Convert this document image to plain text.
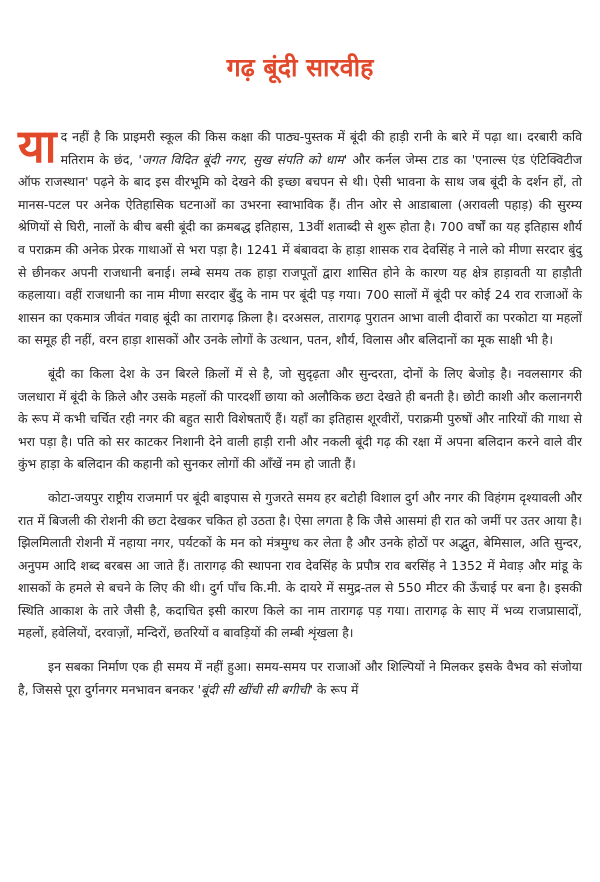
गढ़ बूंदी सारवीह

याद नहीं है कि प्राइमरी स्कूल की किस कक्षा की पाठ्य-पुस्तक में बूंदी की हाड़ी रानी के बारे में पढ़ा था। दरबारी कवि मतिराम के छंद, 'जगत विदित बूंदी नगर, सुख संपति को धाम' और कर्नल जेम्स टाड का 'एनाल्स एंड एंटिक्विटीज ऑफ राजस्थान' पढ़ने के बाद इस वीरभूमि को देखने की इच्छा बचपन से थी। ऐसी भावना के साथ जब बूंदी के दर्शन हों, तो मानस-पटल पर अनेक ऐतिहासिक घटनाओं का उभरना स्वाभाविक हैं। तीन ओर से आडाबाला (अरावली पहाड़) की सुरम्य श्रेणियों से घिरी, नालों के बीच बसी बूंदी का क्रमबद्ध इतिहास, 13वीं शताब्दी से शुरू होता है। 700 वर्षों का यह इतिहास शौर्य व पराक्रम की अनेक प्रेरक गाथाओं से भरा पड़ा है। 1241 में बंबावदा के हाड़ा शासक राव देवसिंह ने नाले को मीणा सरदार बुंदु से छीनकर अपनी राजधानी बनाई। लम्बे समय तक हाड़ा राजपूतों द्वारा शासित होने के कारण यह क्षेत्र हाड़ावती या हाड़ौती कहलाया। वहीं राजधानी का नाम मीणा सरदार बुँदु के नाम पर बूंदी पड़ गया। 700 सालों में बूंदी पर कोई 24 राव राजाओं के शासन का एकमात्र जीवंत गवाह बूंदी का तारागढ़ क़िला है। दरअसल, तारागढ़ पुरातन आभा वाली दीवारों का परकोटा या महलों का समूह ही नहीं, वरन हाड़ा शासकों और उनके लोगों के उत्थान, पतन, शौर्य, विलास और बलिदानों का मूक साक्षी भी है।

बूंदी का किला देश के उन बिरले क़िलों में से है, जो सुदृढ़ता और सुन्दरता, दोनों के लिए बेजोड़ है। नवलसागर की जलधारा में बूंदी के क़िले और उसके महलों की पारदर्शी छाया को अलौकिक छटा देखते ही बनती है। छोटी काशी और कलानगरी के रूप में कभी चर्चित रही नगर की बहुत सारी विशेषताएँ हैं। यहाँ का इतिहास शूरवीरों, पराक्रमी पुरुषों और नारियों की गाथा से भरा पड़ा है। पति को सर काटकर निशानी देने वाली हाड़ी रानी और नकली बूंदी गढ़ की रक्षा में अपना बलिदान करने वाले वीर कुंभ हाड़ा के बलिदान की कहानी को सुनकर लोगों की आँखें नम हो जाती हैं।

कोटा-जयपुर राष्ट्रीय राजमार्ग पर बूंदी बाइपास से गुजरते समय हर बटोही विशाल दुर्ग और नगर की विहंगम दृश्यावली और रात में बिजली की रोशनी की छटा देखकर चकित हो उठता है। ऐसा लगता है कि जैसे आसमां ही रात को जमीं पर उतर आया है। झिलमिलाती रोशनी में नहाया नगर, पर्यटकों के मन को मंत्रमुग्ध कर लेता है और उनके होठों पर अद्भुत, बेमिसाल, अति सुन्दर, अनुपम आदि शब्द बरबस आ जाते हैं। तारागढ़ की स्थापना राव देवसिंह के प्रपौत्र राव बरसिंह ने 1352 में मेवाड़ और मांडू के शासकों के हमले से बचने के लिए की थी। दुर्ग पाँच कि.मी. के दायरे में समुद्र-तल से 550 मीटर की ऊँचाई पर बना है। इसकी स्थिति आकाश के तारे जैसी है, कदाचित इसी कारण किले का नाम तारागढ़ पड़ गया। तारागढ़ के साए में भव्य राजप्रासादों, महलों, हवेलियों, दरवाज़ों, मन्दिरों, छतरियों व बावड़ियों की लम्बी शृंखला है।

इन सबका निर्माण एक ही समय में नहीं हुआ। समय-समय पर राजाओं और शिल्पियों ने मिलकर इसके वैभव को संजोया है, जिससे पूरा दुर्गनगर मनभावन बनकर 'बूंदी सी खींची सी बगीची' के रूप में
